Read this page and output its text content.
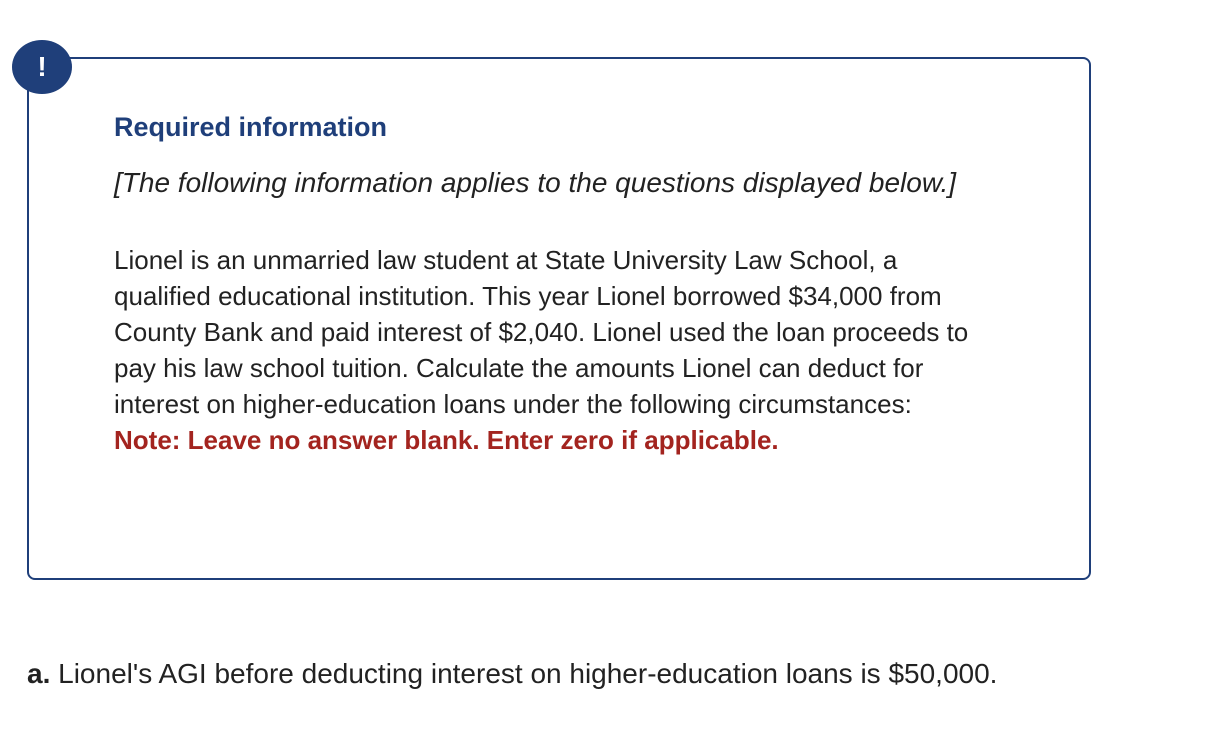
Required information

[The following information applies to the questions displayed below.]

Lionel is an unmarried law student at State University Law School, a qualified educational institution. This year Lionel borrowed $34,000 from County Bank and paid interest of $2,040. Lionel used the loan proceeds to pay his law school tuition. Calculate the amounts Lionel can deduct for interest on higher-education loans under the following circumstances:
Note: Leave no answer blank. Enter zero if applicable.
!
a. Lionel's AGI before deducting interest on higher-education loans is $50,000.
